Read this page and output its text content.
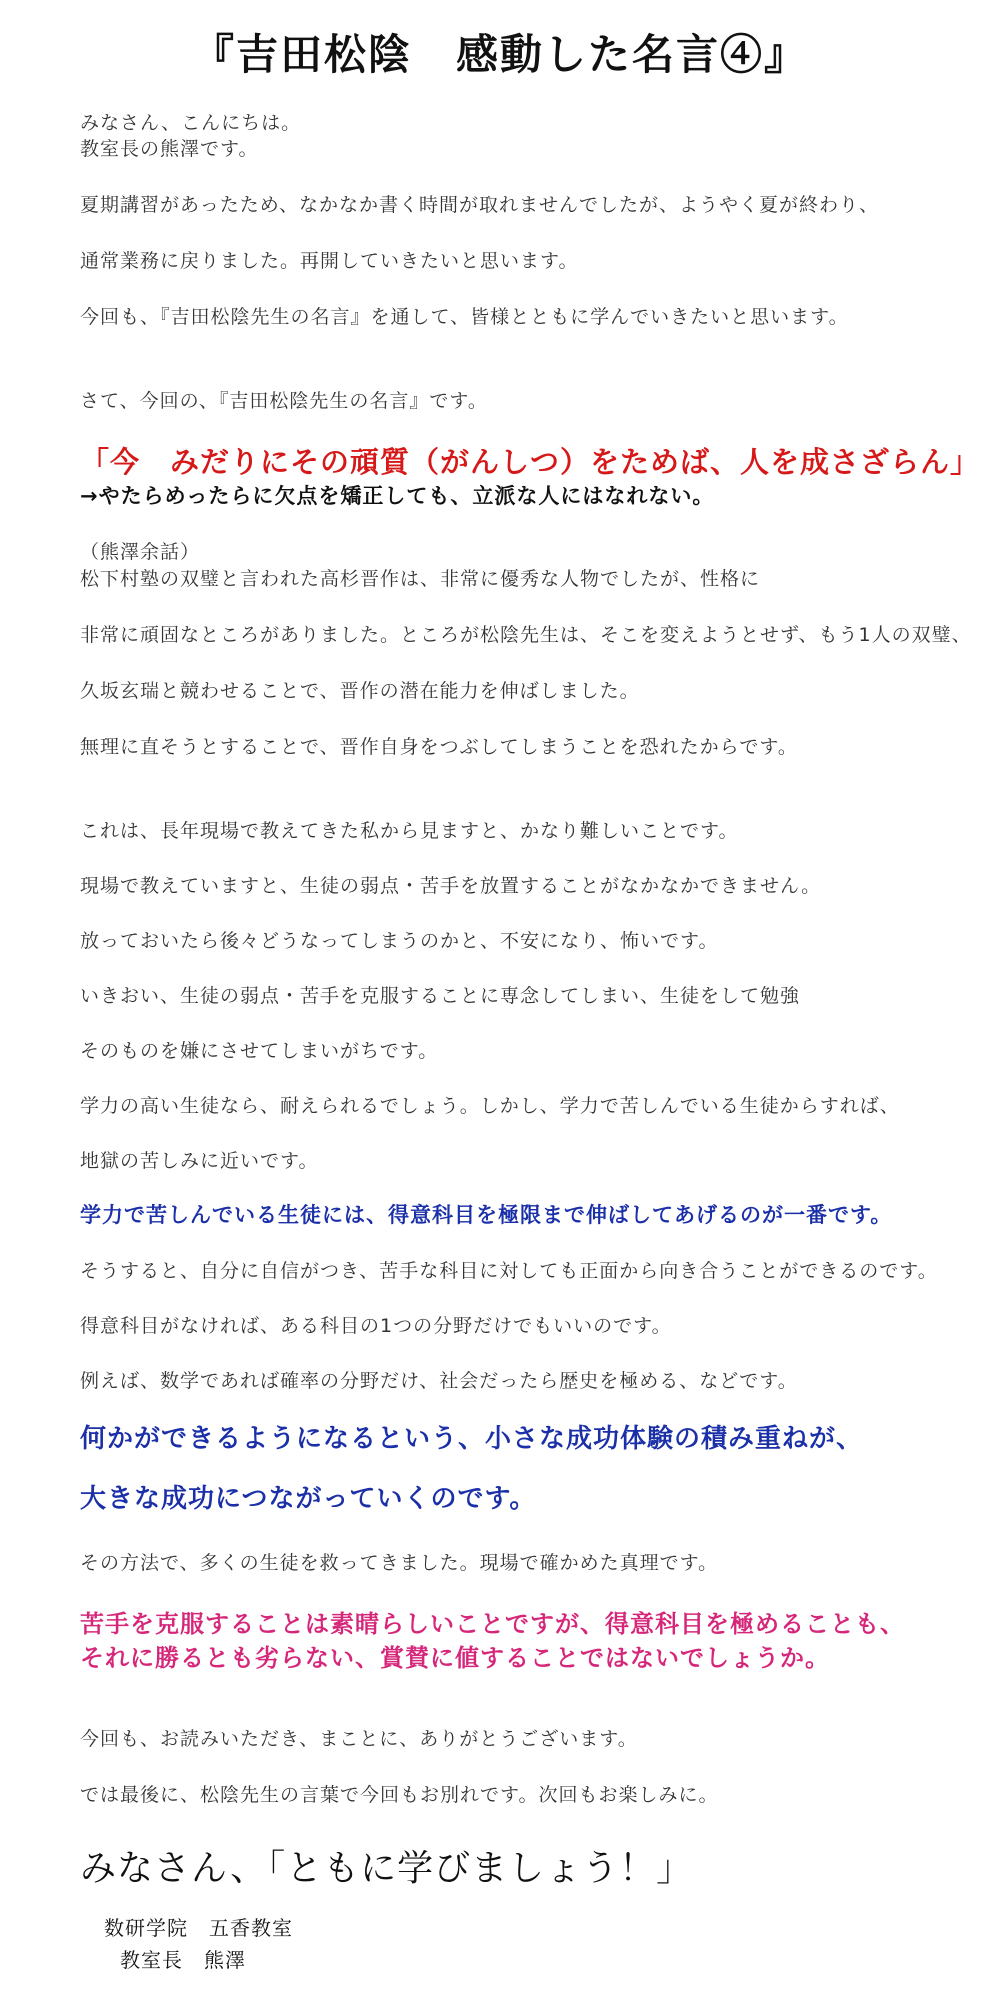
『吉田松陰　感動した名言④』
みなさん、こんにちは。
教室長の熊澤です。
夏期講習があったため、なかなか書く時間が取れませんでしたが、ようやく夏が終わり、
通常業務に戻りました。再開していきたいと思います。
今回も、『吉田松陰先生の名言』を通して、皆様とともに学んでいきたいと思います。
さて、今回の、『吉田松陰先生の名言』です。
「今　みだりにその頑質（がんしつ）をためば、人を成さざらん」
→やたらめったらに欠点を矯正しても、立派な人にはなれない。
（熊澤余話）
松下村塾の双璧と言われた高杉晋作は、非常に優秀な人物でしたが、性格に
非常に頑固なところがありました。ところが松陰先生は、そこを変えようとせず、もう1人の双璧、
久坂玄瑞と競わせることで、晋作の潜在能力を伸ばしました。
無理に直そうとすることで、晋作自身をつぶしてしまうことを恐れたからです。
これは、長年現場で教えてきた私から見ますと、かなり難しいことです。
現場で教えていますと、生徒の弱点・苦手を放置することがなかなかできません。
放っておいたら後々どうなってしまうのかと、不安になり、怖いです。
いきおい、生徒の弱点・苦手を克服することに専念してしまい、生徒をして勉強
そのものを嫌にさせてしまいがちです。
学力の高い生徒なら、耐えられるでしょう。しかし、学力で苦しんでいる生徒からすれば、
地獄の苦しみに近いです。
学力で苦しんでいる生徒には、得意科目を極限まで伸ばしてあげるのが一番です。
そうすると、自分に自信がつき、苦手な科目に対しても正面から向き合うことができるのです。
得意科目がなければ、ある科目の1つの分野だけでもいいのです。
例えば、数学であれば確率の分野だけ、社会だったら歴史を極める、などです。
何かができるようになるという、小さな成功体験の積み重ねが、
大きな成功につながっていくのです。
その方法で、多くの生徒を救ってきました。現場で確かめた真理です。
苦手を克服することは素晴らしいことですが、得意科目を極めることも、
それに勝るとも劣らない、賞賛に値することではないでしょうか。
今回も、お読みいただき、まことに、ありがとうございます。
では最後に、松陰先生の言葉で今回もお別れです。次回もお楽しみに。
みなさん、「ともに学びましょう！」
数研学院　五香教室
教室長　熊澤
